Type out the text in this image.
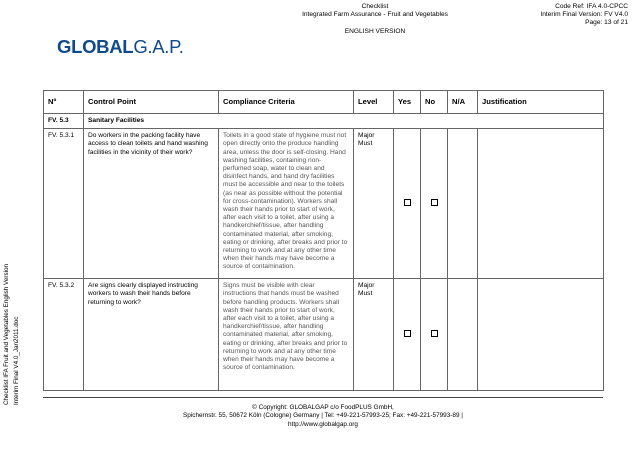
Checklist
Integrated Farm Assurance - Fruit and Vegetables
ENGLISH VERSION
Code Ref: IFA 4.0-CPCC
Interim Final Version: FV V4.0
Page: 13 of 21
GLOBALG.A.P.
Checklist IFA Fruit and Vegetables English Version Interim Final V4.0_Jan2011.doc
Nº	Control Point	Compliance Criteria	Level	Yes	No	N/A	Justification
FV. 5.3	Sanitary Facilities						
FV. 5.3.1	Do workers in the packing facility have access to clean toilets and hand washing facilities in the vicinity of their work?	Toilets in a good state of hygiene must not open directly onto the produce handling area, unless the door is self-closing. Hand washing facilities, containing non-perfumed soap, water to clean and disinfect hands, and hand dry facilities must be accessible and near to the toilets (as near as possible without the potential for cross-contamination). Workers shall wash their hands prior to start of work, after each visit to a toilet, after using a handkerchief/tissue, after handling contaminated material, after smoking, eating or drinking, after breaks and prior to returning to work and at any other time when their hands may have become a source of contamination.	Major Must				
FV. 5.3.2	Are signs clearly displayed instructing workers to wash their hands before returning to work?	Signs must be visible with clear instructions that hands must be washed before handling products. Workers shall wash their hands prior to start of work, after each visit to a toilet, after using a handkerchief/tissue, after handling contaminated material, after smoking, eating or drinking, after breaks and prior to returning to work and at any other time when their hands may have become a source of contamination.	Major Must				
© Copyright: GLOBALGAP c/o FoodPLUS GmbH,
Spichernstr. 55, 50672 Köln (Cologne) Germany | Tel: +49-221-57993-25; Fax: +49-221-57993-89 |
http://www.globalgap.org
